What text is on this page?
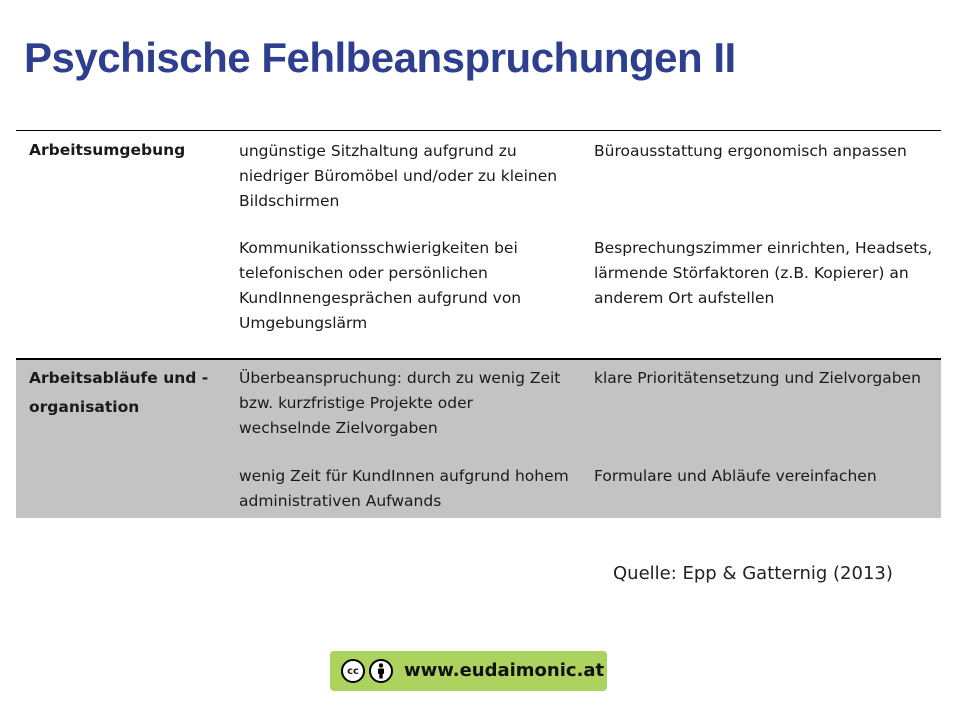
Psychische Fehlbeanspruchungen II
Arbeitsumgebung	ungünstige Sitzhaltung aufgrund zu niedriger Büromöbel und/oder zu kleinen Bildschirmen
Büroausstattung ergonomisch anpassen
Kommunikationsschwierigkeiten bei telefonischen oder persönlichen KundInnengesprächen aufgrund von Umgebungslärm
Besprechungszimmer einrichten, Headsets, lärmende Störfaktoren (z.B. Kopierer) an anderem Ort aufstellen
Arbeitsabläufe und -organisation
Überbeanspruchung: durch zu wenig Zeit bzw. kurzfristige Projekte oder wechselnde Zielvorgaben
klare Prioritätensetzung und Zielvorgaben
wenig Zeit für KundInnen aufgrund hohem administrativen Aufwands
Formulare und Abläufe vereinfachen
Quelle: Epp & Gatternig (2013)
cc	www.eudaimonic.at
